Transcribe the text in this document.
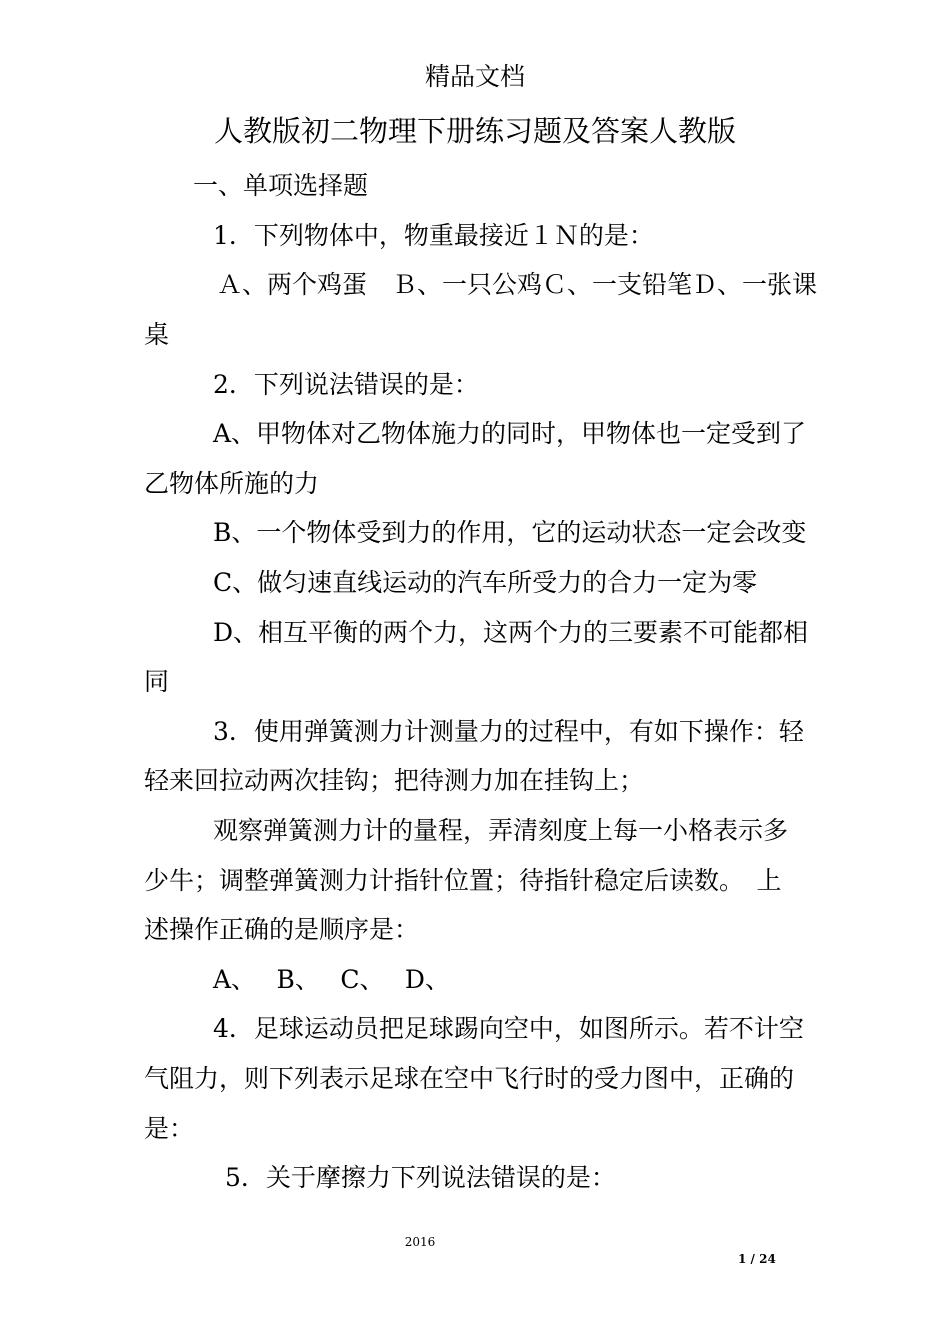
精品文档
人教版初二物理下册练习题及答案人教版
一、单项选择题
1．下列物体中，物重最接近１Ｎ的是：
Ａ、两个鸡蛋　Ｂ、一只公鸡Ｃ、一支铅笔Ｄ、一张课
桌
2．下列说法错误的是：
A、甲物体对乙物体施力的同时，甲物体也一定受到了
乙物体所施的力
B、一个物体受到力的作用，它的运动状态一定会改变
C、做匀速直线运动的汽车所受力的合力一定为零
D、相互平衡的两个力，这两个力的三要素不可能都相
同
3．使用弹簧测力计测量力的过程中，有如下操作：轻
轻来回拉动两次挂钩；把待测力加在挂钩上；
观察弹簧测力计的量程，弄清刻度上每一小格表示多
少牛；调整弹簧测力计指针位置；待指针稳定后读数。　上
述操作正确的是顺序是：
A、　 B、　 C、　 D、
4．足球运动员把足球踢向空中，如图所示。若不计空
气阻力，则下列表示足球在空中飞行时的受力图中，正确的
是：
5．关于摩擦力下列说法错误的是：
2016
1 / 24
